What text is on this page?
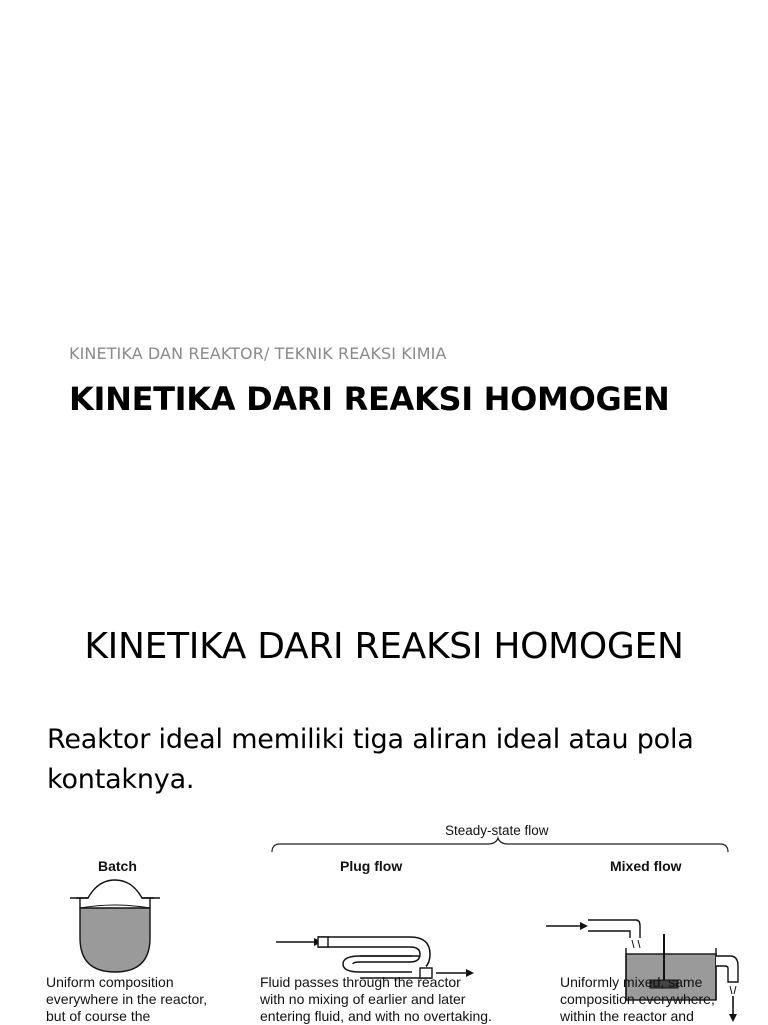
KINETIKA DAN REAKTOR/ TEKNIK REAKSI KIMIA
KINETIKA DARI REAKSI HOMOGEN
KINETIKA DARI REAKSI HOMOGEN
Reaktor ideal memiliki tiga aliran ideal atau pola
kontaknya.
Steady-state flow
Batch	Plug flow	Mixed flow
Uniform composition
everywhere in the reactor,
but of course the
Fluid passes through the reactor
with no mixing of earlier and later
entering fluid, and with no overtaking.
Uniformly mixed, same
composition everywhere,
within the reactor and
